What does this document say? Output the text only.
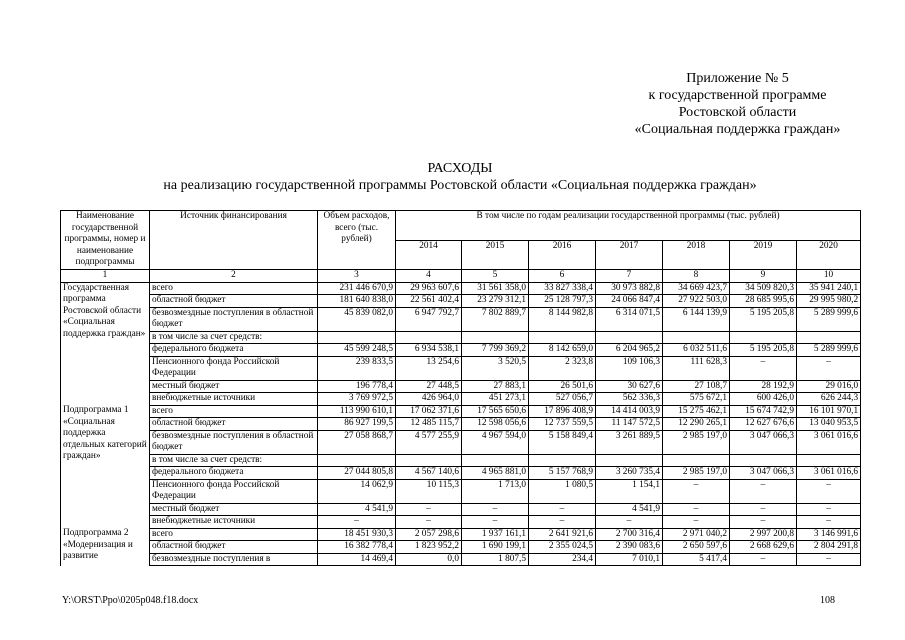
Приложение № 5
к государственной программе
Ростовской области
«Социальная поддержка граждан»
РАСХОДЫ
на реализацию государственной программы Ростовской области «Социальная поддержка граждан»
Наименование государственной программы, номер и наименование подпрограммы	Источник финансирования	Объем расходов, всего (тыс. рублей)	В том числе по годам реализации государственной программы (тыс. рублей)						
			2014	2015	2016	2017	2018	2019	2020
1	2	3	4	5	6	7	8	9	10
Государственная программа Ростовской области «Социальная поддержка граждан»	всего	231 446 670,9	29 963 607,6	31 561 358,0	33 827 338,4	30 973 882,8	34 669 423,7	34 509 820,3	35 941 240,1
	областной бюджет	181 640 838,0	22 561 402,4	23 279 312,1	25 128 797,3	24 066 847,4	27 922 503,0	28 685 995,6	29 995 980,2
	безвозмездные поступления в областной бюджет	45 839 082,0	6 947 792,7	7 802 889,7	8 144 982,8	6 314 071,5	6 144 139,9	5 195 205,8	5 289 999,6
	в том числе за счет средств:								
	федерального бюджета	45 599 248,5	6 934 538,1	7 799 369,2	8 142 659,0	6 204 965,2	6 032 511,6	5 195 205,8	5 289 999,6
	Пенсионного фонда Российской Федерации	239 833,5	13 254,6	3 520,5	2 323,8	109 106,3	111 628,3	–	–
	местный бюджет	196 778,4	27 448,5	27 883,1	26 501,6	30 627,6	27 108,7	28 192,9	29 016,0
	внебюджетные источники	3 769 972,5	426 964,0	451 273,1	527 056,7	562 336,3	575 672,1	600 426,0	626 244,3
Подпрограмма 1 «Социальная поддержка отдельных категорий граждан»	всего	113 990 610,1	17 062 371,6	17 565 650,6	17 896 408,9	14 414 003,9	15 275 462,1	15 674 742,9	16 101 970,1
	областной бюджет	86 927 199,5	12 485 115,7	12 598 056,6	12 737 559,5	11 147 572,5	12 290 265,1	12 627 676,6	13 040 953,5
	безвозмездные поступления в областной бюджет	27 058 868,7	4 577 255,9	4 967 594,0	5 158 849,4	3 261 889,5	2 985 197,0	3 047 066,3	3 061 016,6
	в том числе за счет средств:								
	федерального бюджета	27 044 805,8	4 567 140,6	4 965 881,0	5 157 768,9	3 260 735,4	2 985 197,0	3 047 066,3	3 061 016,6
	Пенсионного фонда Российской Федерации	14 062,9	10 115,3	1 713,0	1 080,5	1 154,1	–	–	–
	местный бюджет	4 541,9	–	–	–	4 541,9	–	–	–
	внебюджетные источники	–	–	–	–	–	–	–	–
Подпрограмма 2 «Модернизация и развитие	всего	18 451 930,3	2 057 298,6	1 937 161,1	2 641 921,6	2 700 316,4	2 971 040,2	2 997 200,8	3 146 991,6
	областной бюджет	16 382 778,4	1 823 952,2	1 690 199,1	2 355 024,5	2 390 083,6	2 650 597,6	2 668 629,6	2 804 291,8
	безвозмездные поступления в	14 469,4	0,0	1 807,5	234,4	7 010,1	5 417,4	–	–
Y:\ORST\Ppo\0205p048.f18.docx	108
